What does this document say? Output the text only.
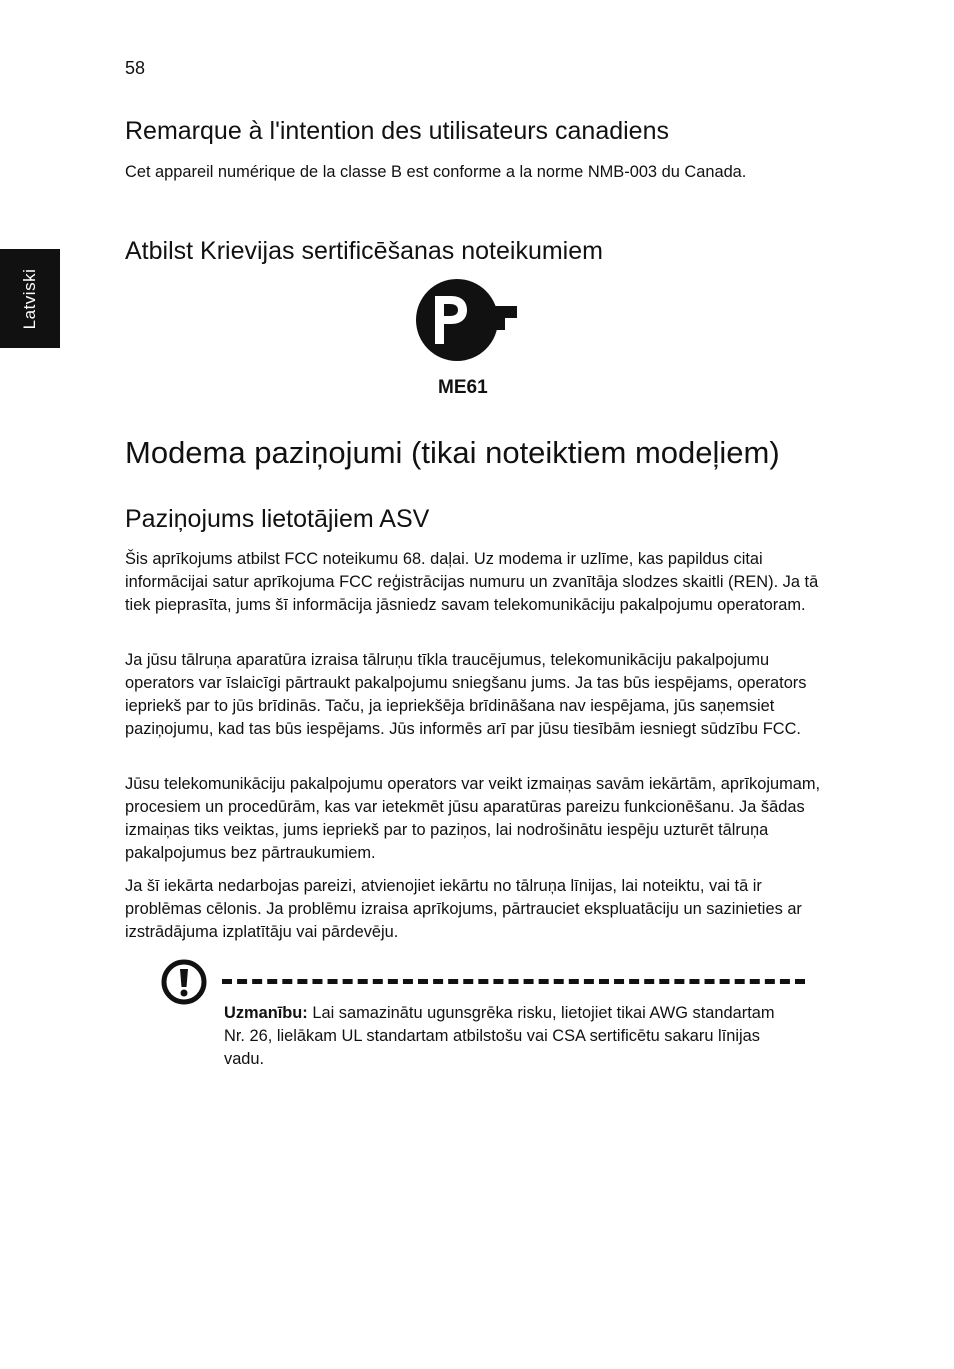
58
Latviski
Remarque à l'intention des utilisateurs canadiens

Cet appareil numérique de la classe B est conforme a la norme NMB-003 du Canada.

Atbilst Krievijas sertificēšanas noteikumiem
ME61
Modema paziņojumi (tikai noteiktiem modeļiem)
Paziņojums lietotājiem ASV

Šis aprīkojums atbilst FCC noteikumu 68. daļai. Uz modema ir uzlīme, kas papildus citai informācijai satur aprīkojuma FCC reģistrācijas numuru un zvanītāja slodzes skaitli (REN). Ja tā tiek pieprasīta, jums šī informācija jāsniedz savam telekomunikāciju pakalpojumu operatoram.

Ja jūsu tālruņa aparatūra izraisa tālruņu tīkla traucējumus, telekomunikāciju pakalpojumu operators var īslaicīgi pārtraukt pakalpojumu sniegšanu jums. Ja tas būs iespējams, operators iepriekš par to jūs brīdinās. Taču, ja iepriekšēja brīdināšana nav iespējama, jūs saņemsiet paziņojumu, kad tas būs iespējams. Jūs informēs arī par jūsu tiesībām iesniegt sūdzību FCC.

Jūsu telekomunikāciju pakalpojumu operators var veikt izmaiņas savām iekārtām, aprīkojumam, procesiem un procedūrām, kas var ietekmēt jūsu aparatūras pareizu funkcionēšanu. Ja šādas izmaiņas tiks veiktas, jums iepriekš par to paziņos, lai nodrošinātu iespēju uzturēt tālruņa pakalpojumus bez pārtraukumiem.

Ja šī iekārta nedarbojas pareizi, atvienojiet iekārtu no tālruņa līnijas, lai noteiktu, vai tā ir problēmas cēlonis. Ja problēmu izraisa aprīkojums, pārtrauciet ekspluatāciju un sazinieties ar izstrādājuma izplatītāju vai pārdevēju.

Uzmanību: Lai samazinātu ugunsgrēka risku, lietojiet tikai AWG standartam Nr. 26, lielākam UL standartam atbilstošu vai CSA sertificētu sakaru līnijas vadu.
